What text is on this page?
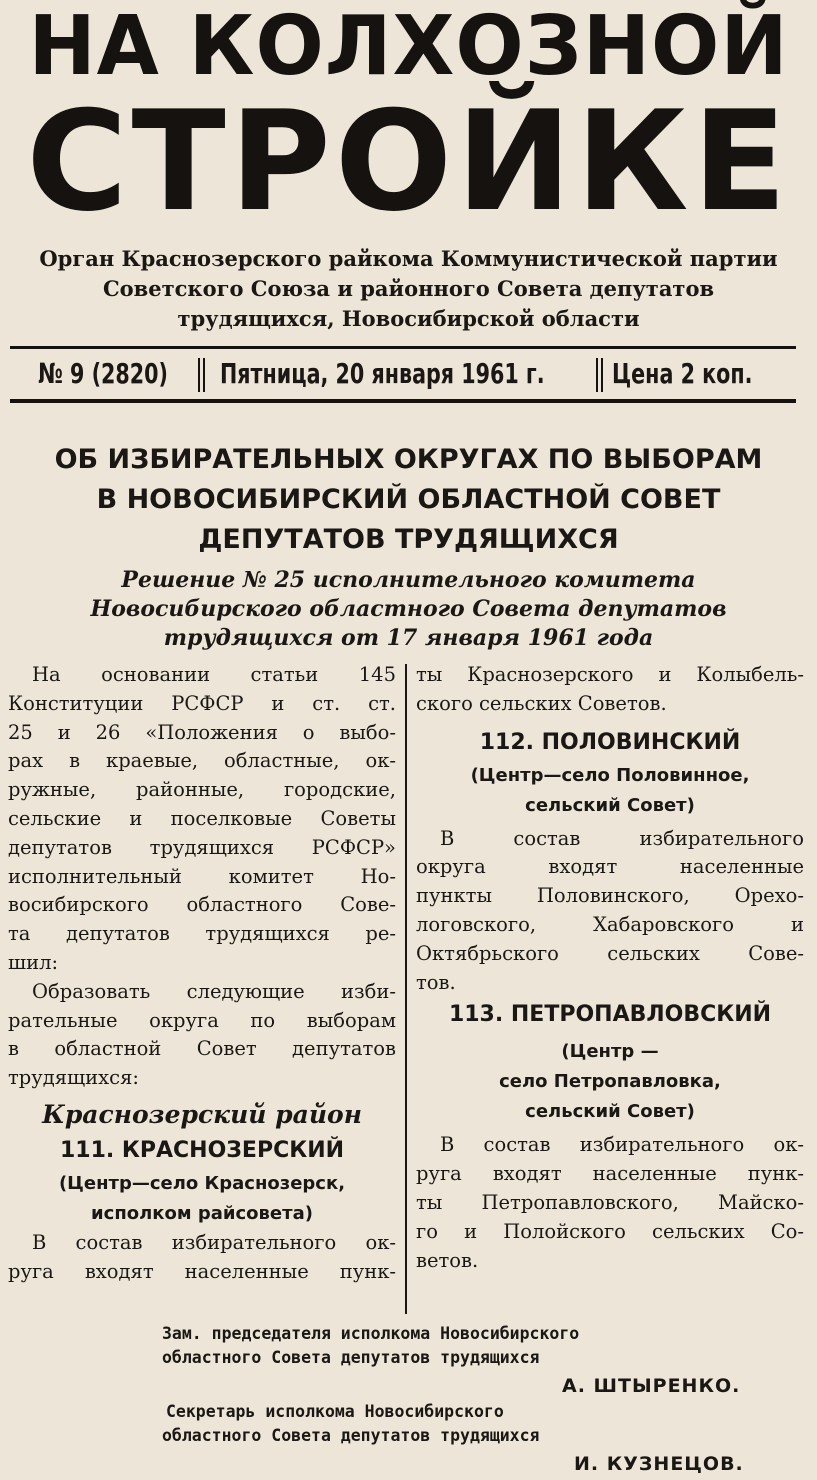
НА КОЛХОЗНОЙ
СТРОЙКЕ
Орган Краснозерского райкома Коммунистической партии
Советского Союза и районного Совета депутатов
трудящихся, Новосибирской области
№ 9 (2820) Пятница, 20 января 1961 г. Цена 2 коп.
ОБ ИЗБИРАТЕЛЬНЫХ ОКРУГАХ ПО ВЫБОРАМ
В НОВОСИБИРСКИЙ ОБЛАСТНОЙ СОВЕТ
ДЕПУТАТОВ ТРУДЯЩИХСЯ
Решение № 25 исполнительного комитета
Новосибирского областного Совета депутатов
трудящихся от 17 января 1961 года
На основании статьи 145
Конституции РСФСР и ст. ст.
25 и 26 «Положения о выбо-
рах в краевые, областные, ок-
ружные, районные, городские,
сельские и поселковые Советы
депутатов трудящихся РСФСР»
исполнительный комитет Но-
восибирского областного Сове-
та депутатов трудящихся ре-
шил:
Образовать следующие изби-
рательные округа по выборам
в областной Совет депутатов
трудящихся:
Краснозерский район
111. КРАСНОЗЕРСКИЙ
(Центр—село Краснозерск,
исполком райсовета)
В состав избирательного ок-
руга входят населенные пунк-
ты Краснозерского и Колыбель-
ского сельских Советов.
112. ПОЛОВИНСКИЙ
(Центр—село Половинное,
сельский Совет)
В состав избирательного
округа входят населенные
пункты Половинского, Орехо-
логовского, Хабаровского и
Октябрьского сельских Сове-
тов.
113. ПЕТРОПАВЛОВСКИЙ
(Центр —
село Петропавловка,
сельский Совет)
В состав избирательного ок-
руга входят населенные пунк-
ты Петропавловского, Майско-
го и Полойского сельских Со-
ветов.
Зам. председателя исполкома Новосибирского
областного Совета депутатов трудящихся
А. ШТЫРЕНКО.
Секретарь исполкома Новосибирского
областного Совета депутатов трудящихся
И. КУЗНЕЦОВ.
